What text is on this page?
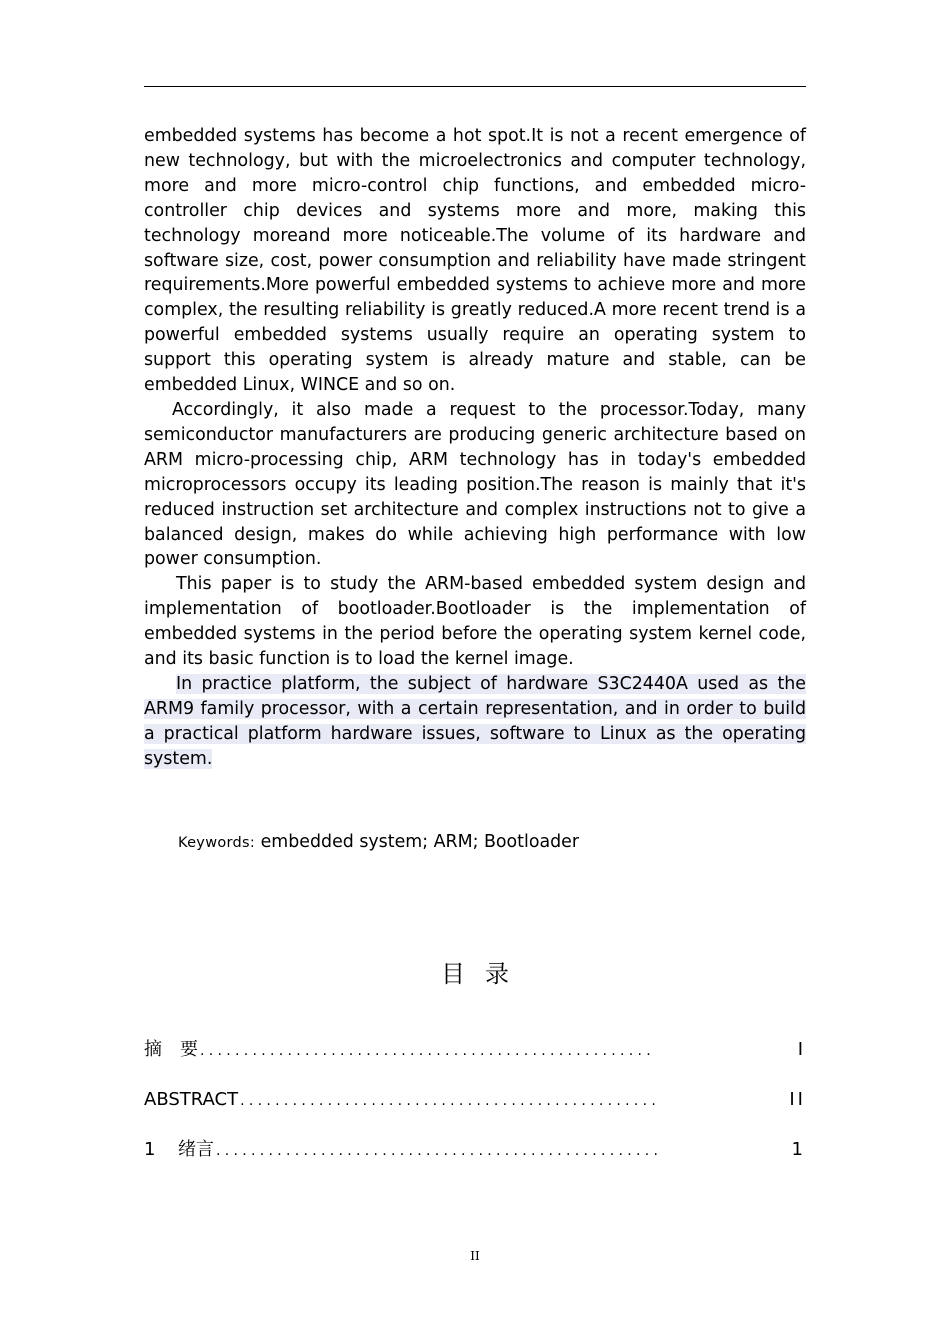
embedded systems has become a hot spot.It is not a recent emergence of new technology, but with the microelectronics and computer technology, more and more micro-control chip functions, and embedded micro-controller chip devices and systems more and more, making this technology moreand more noticeable.The volume of its hardware and software size, cost, power consumption and reliability have made stringent requirements.More powerful embedded systems to achieve more and more complex, the resulting reliability is greatly reduced.A more recent trend is a powerful embedded systems usually require an operating system to support this operating system is already mature and stable, can be embedded Linux, WINCE and so on.

Accordingly, it also made a request to the processor.Today, many semiconductor manufacturers are producing generic architecture based on ARM micro-processing chip, ARM technology has in today's embedded microprocessors occupy its leading position.The reason is mainly that it's reduced instruction set architecture and complex instructions not to give a balanced design, makes do while achieving high performance with low power consumption.

This paper is to study the ARM-based embedded system design and implementation of bootloader.Bootloader is the implementation of embedded systems in the period before the operating system kernel code, and its basic function is to load the kernel image.

In practice platform, the subject of hardware S3C2440A used as the ARM9 family processor, with a certain representation, and in order to build a practical platform hardware issues, software to Linux as the operating system.

Keywords: embedded system; ARM; Bootloader
目录
摘　要 ....................................................	I
ABSTRACT ................................................	II
1 绪言 ...................................................	1
II
